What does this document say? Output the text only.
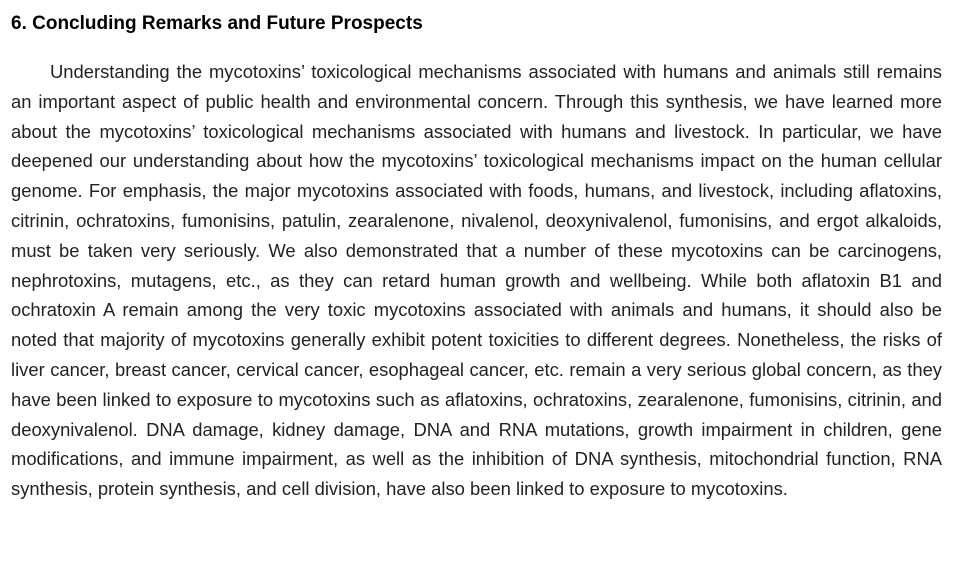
6. Concluding Remarks and Future Prospects

Understanding the mycotoxins’ toxicological mechanisms associated with humans and animals still remains an important aspect of public health and environmental concern. Through this synthesis, we have learned more about the mycotoxins’ toxicological mechanisms associated with humans and livestock. In particular, we have deepened our understanding about how the mycotoxins’ toxicological mechanisms impact on the human cellular genome. For emphasis, the major mycotoxins associated with foods, humans, and livestock, including aflatoxins, citrinin, ochratoxins, fumonisins, patulin, zearalenone, nivalenol, deoxynivalenol, fumonisins, and ergot alkaloids, must be taken very seriously. We also demonstrated that a number of these mycotoxins can be carcinogens, nephrotoxins, mutagens, etc., as they can retard human growth and wellbeing. While both aflatoxin B1 and ochratoxin A remain among the very toxic mycotoxins associated with animals and humans, it should also be noted that majority of mycotoxins generally exhibit potent toxicities to different degrees. Nonetheless, the risks of liver cancer, breast cancer, cervical cancer, esophageal cancer, etc. remain a very serious global concern, as they have been linked to exposure to mycotoxins such as aflatoxins, ochratoxins, zearalenone, fumonisins, citrinin, and deoxynivalenol. DNA damage, kidney damage, DNA and RNA mutations, growth impairment in children, gene modifications, and immune impairment, as well as the inhibition of DNA synthesis, mitochondrial function, RNA synthesis, protein synthesis, and cell division, have also been linked to exposure to mycotoxins.
